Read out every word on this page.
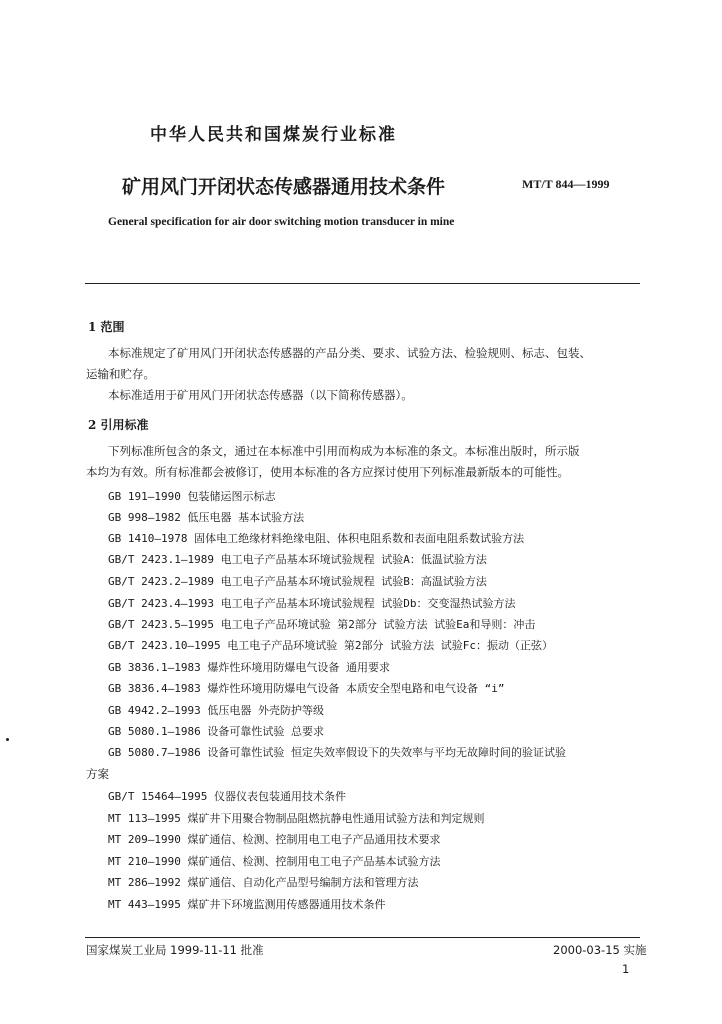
中华人民共和国煤炭行业标准
矿用风门开闭状态传感器通用技术条件	MT/T 844—1999
General specification for air door switching motion transducer in mine
1 范围
本标准规定了矿用风门开闭状态传感器的产品分类、要求、试验方法、检验规则、标志、包装、
运输和贮存。
本标准适用于矿用风门开闭状态传感器（以下简称传感器）。
2 引用标准
下列标准所包含的条文，通过在本标准中引用而构成为本标准的条文。本标准出版时，所示版
本均为有效。所有标准都会被修订，使用本标准的各方应探讨使用下列标准最新版本的可能性。
GB 191—1990 包装储运图示标志
GB 998—1982 低压电器 基本试验方法
GB 1410—1978 固体电工绝缘材料绝缘电阻、体积电阻系数和表面电阻系数试验方法
GB/T 2423.1—1989 电工电子产品基本环境试验规程 试验A：低温试验方法
GB/T 2423.2—1989 电工电子产品基本环境试验规程 试验B：高温试验方法
GB/T 2423.4—1993 电工电子产品基本环境试验规程 试验Db：交变湿热试验方法
GB/T 2423.5—1995 电工电子产品环境试验 第2部分 试验方法 试验Ea和导则：冲击
GB/T 2423.10—1995 电工电子产品环境试验 第2部分 试验方法 试验Fc：振动（正弦）
GB 3836.1—1983 爆炸性环境用防爆电气设备 通用要求
GB 3836.4—1983 爆炸性环境用防爆电气设备 本质安全型电路和电气设备 “i”
GB 4942.2—1993 低压电器 外壳防护等级
GB 5080.1—1986 设备可靠性试验 总要求
GB 5080.7—1986 设备可靠性试验 恒定失效率假设下的失效率与平均无故障时间的验证试验
方案
GB/T 15464—1995 仪器仪表包装通用技术条件
MT 113—1995 煤矿井下用聚合物制品阻燃抗静电性通用试验方法和判定规则
MT 209—1990 煤矿通信、检测、控制用电工电子产品通用技术要求
MT 210—1990 煤矿通信、检测、控制用电工电子产品基本试验方法
MT 286—1992 煤矿通信、自动化产品型号编制方法和管理方法
MT 443—1995 煤矿井下环境监测用传感器通用技术条件
国家煤炭工业局 1999-11-11 批准	2000-03-15 实施
1
